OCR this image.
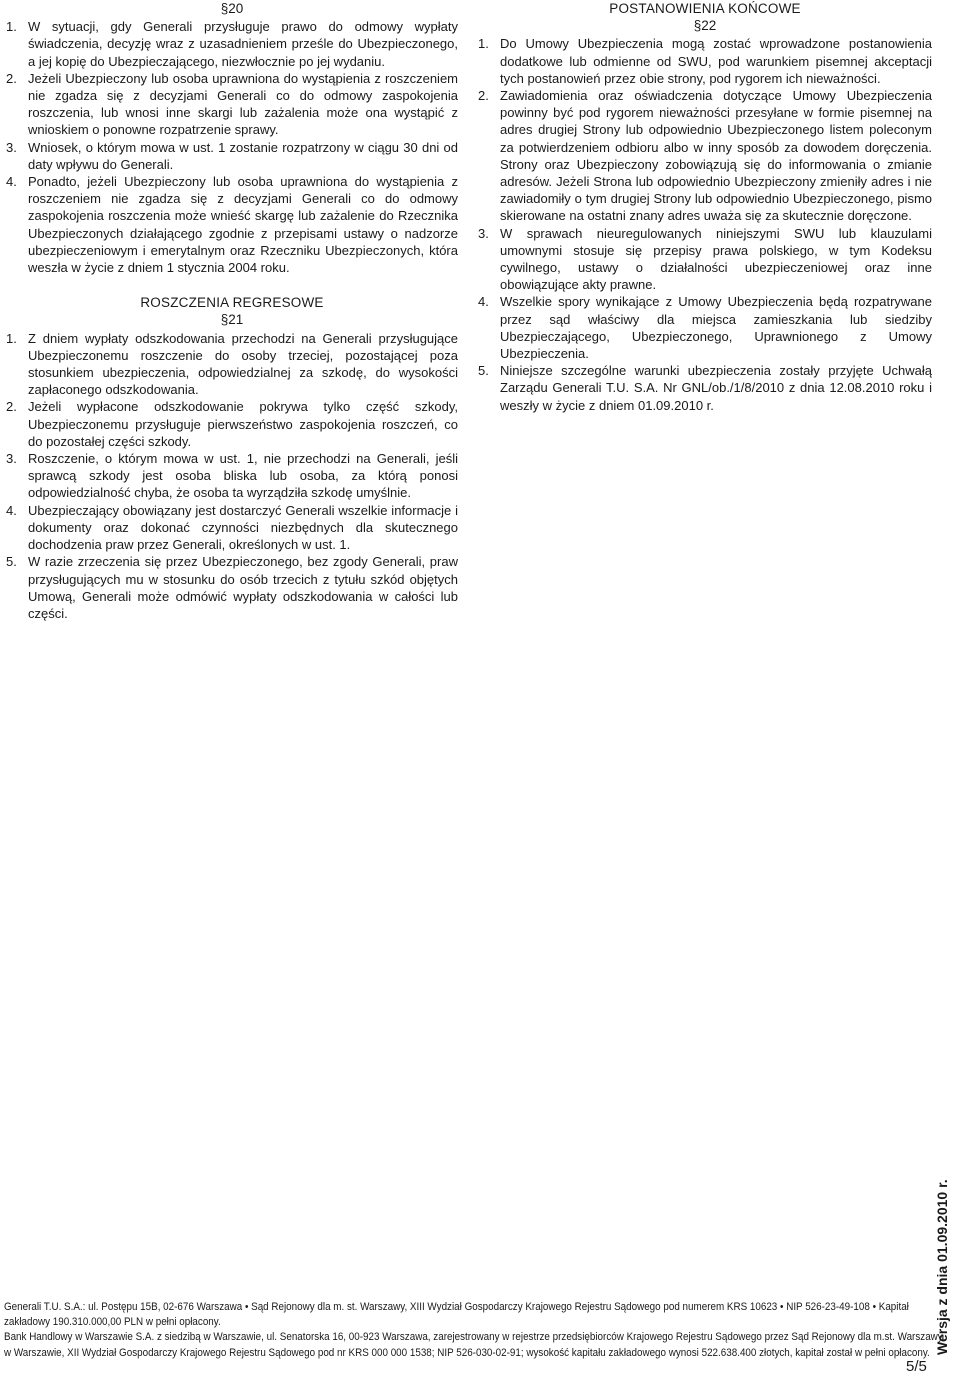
§20

1. W sytuacji, gdy Generali przysługuje prawo do odmowy wypłaty świadczenia, decyzję wraz z uzasadnieniem prześle do Ubezpieczonego, a jej kopię do Ubezpieczającego, niezwłocznie po jej wydaniu.
2. Jeżeli Ubezpieczony lub osoba uprawniona do wystąpienia z roszczeniem nie zgadza się z decyzjami Generali co do odmowy zaspokojenia roszczenia, lub wnosi inne skargi lub zażalenia może ona wystąpić z wnioskiem o ponowne rozpatrzenie sprawy.
3. Wniosek, o którym mowa w ust. 1 zostanie rozpatrzony w ciągu 30 dni od daty wpływu do Generali.
4. Ponadto, jeżeli Ubezpieczony lub osoba uprawniona do wystąpienia z roszczeniem nie zgadza się z decyzjami Generali co do odmowy zaspokojenia roszczenia może wnieść skargę lub zażalenie do Rzecznika Ubezpieczonych działającego zgodnie z przepisami ustawy o nadzorze ubezpieczeniowym i emerytalnym oraz Rzeczniku Ubezpieczonych, która weszła w życie z dniem 1 stycznia 2004 roku.

ROSZCZENIA REGRESOWE

§21

1. Z dniem wypłaty odszkodowania przechodzi na Generali przysługujące Ubezpieczonemu roszczenie do osoby trzeciej, pozostającej poza stosunkiem ubezpieczenia, odpowiedzialnej za szkodę, do wysokości zapłaconego odszkodowania.
2. Jeżeli wypłacone odszkodowanie pokrywa tylko część szkody, Ubezpieczonemu przysługuje pierwszeństwo zaspokojenia roszczeń, co do pozostałej części szkody.
3. Roszczenie, o którym mowa w ust. 1, nie przechodzi na Generali, jeśli sprawcą szkody jest osoba bliska lub osoba, za którą ponosi odpowiedzialność chyba, że osoba ta wyrządziła szkodę umyślnie.
4. Ubezpieczający obowiązany jest dostarczyć Generali wszelkie informacje i dokumenty oraz dokonać czynności niezbędnych dla skutecznego dochodzenia praw przez Generali, określonych w ust. 1.
5. W razie zrzeczenia się przez Ubezpieczonego, bez zgody Generali, praw przysługujących mu w stosunku do osób trzecich z tytułu szkód objętych Umową, Generali może odmówić wypłaty odszkodowania w całości lub części.

POSTANOWIENIA KOŃCOWE

§22

1. Do Umowy Ubezpieczenia mogą zostać wprowadzone postanowienia dodatkowe lub odmienne od SWU, pod warunkiem pisemnej akceptacji tych postanowień przez obie strony, pod rygorem ich nieważności.
2. Zawiadomienia oraz oświadczenia dotyczące Umowy Ubezpieczenia powinny być pod rygorem nieważności przesyłane w formie pisemnej na adres drugiej Strony lub odpowiednio Ubezpieczonego listem poleconym za potwierdzeniem odbioru albo w inny sposób za dowodem doręczenia. Strony oraz Ubezpieczony zobowiązują się do informowania o zmianie adresów. Jeżeli Strona lub odpowiednio Ubezpieczony zmieniły adres i nie zawiadomiły o tym drugiej Strony lub odpowiednio Ubezpieczonego, pismo skierowane na ostatni znany adres uważa się za skutecznie doręczone.
3. W sprawach nieuregulowanych niniejszymi SWU lub klauzulami umownymi stosuje się przepisy prawa polskiego, w tym Kodeksu cywilnego, ustawy o działalności ubezpieczeniowej oraz inne obowiązujące akty prawne.
4. Wszelkie spory wynikające z Umowy Ubezpieczenia będą rozpatrywane przez sąd właściwy dla miejsca zamieszkania lub siedziby Ubezpieczającego, Ubezpieczonego, Uprawnionego z Umowy Ubezpieczenia.
5. Niniejsze szczególne warunki ubezpieczenia zostały przyjęte Uchwałą Zarządu Generali T.U. S.A. Nr GNL/ob./1/8/2010 z dnia 12.08.2010 roku i weszły w życie z dniem 01.09.2010 r.

Generali T.U. S.A.: ul. Postępu 15B, 02-676 Warszawa • Sąd Rejonowy dla m. st. Warszawy, XIII Wydział Gospodarczy Krajowego Rejestru Sądowego pod numerem KRS 10623 • NIP 526-23-49-108 • Kapitał

zakładowy 190.310.000,00 PLN w pełni opłacony.

Bank Handlowy w Warszawie S.A. z siedzibą w Warszawie, ul. Senatorska 16, 00-923 Warszawa, zarejestrowany w rejestrze przedsiębiorców Krajowego Rejestru Sądowego przez Sąd Rejonowy dla m.st. Warszawy

w Warszawie, XII Wydział Gospodarczy Krajowego Rejestru Sądowego pod nr KRS 000 000 1538; NIP 526-030-02-91; wysokość kapitału zakładowego wynosi 522.638.400 złotych, kapitał został w pełni opłacony.

5/5
Wersja z dnia 01.09.2010 r.
